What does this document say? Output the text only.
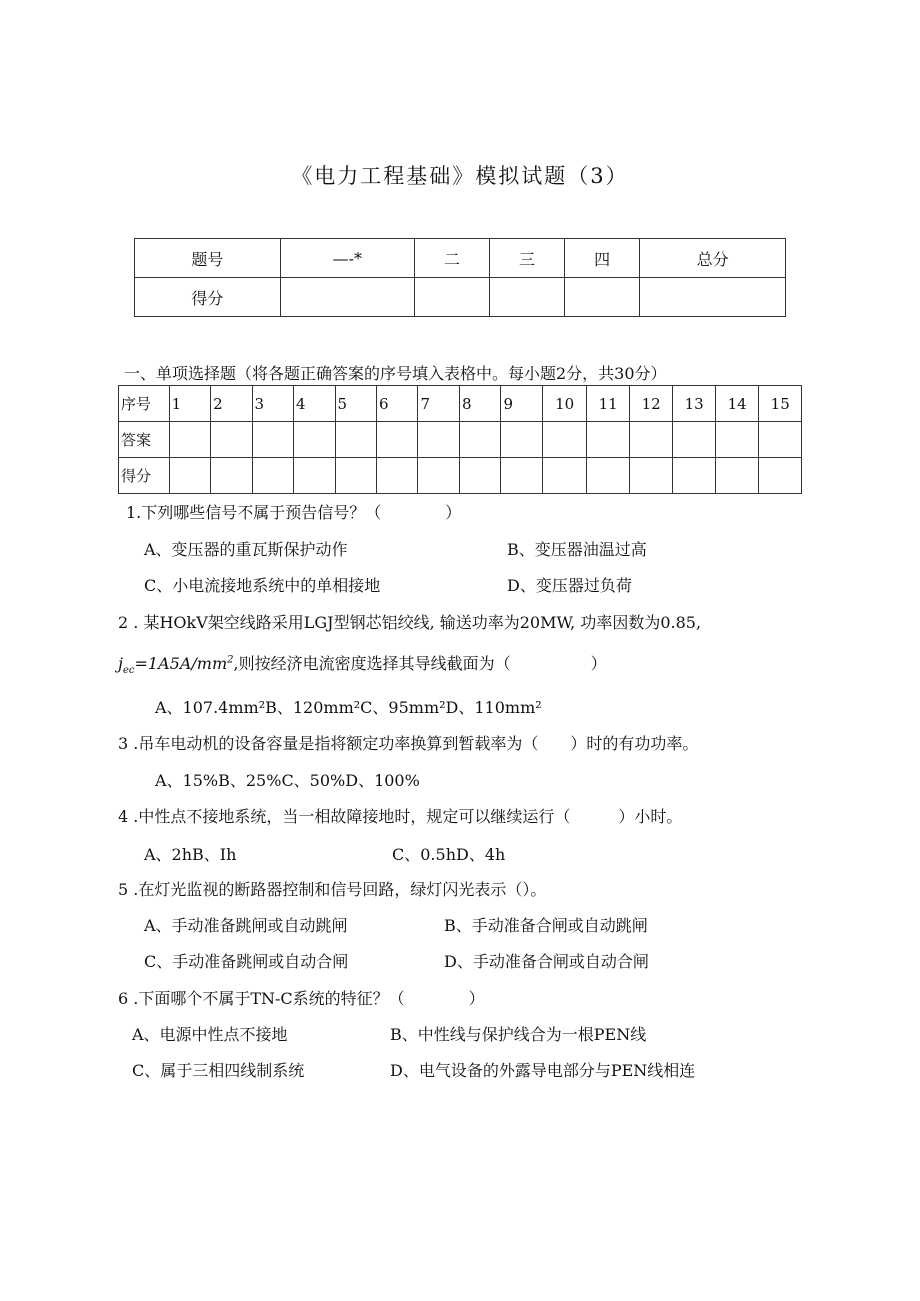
《电力工程基础》模拟试题（3）
题号	—-*	二	三	四	总分
得分					
一、单项选择题（将各题正确答案的序号填入表格中。每小题2分，共30分）
序号	1	2	3	4	5	6	7	8	9	10	11	12	13	14	15
答案															
得分															
1.下列哪些信号不属于预告信号？（　　　　）
A、变压器的重瓦斯保护动作	B、变压器油温过高
C、小电流接地系统中的单相接地	D、变压器过负荷
2 . 某HOkV架空线路采用LGJ型钢芯铝绞线, 输送功率为20MW, 功率因数为0.85,
$j_{ec}=1A5A/mm^2$,则按经济电流密度选择其导线截面为（　　　　　）
A、107.4mm²B、120mm²C、95mm²D、110mm²
3 .吊车电动机的设备容量是指将额定功率换算到暂载率为（　　）时的有功功率。
A、15%B、25%C、50%D、100%
4 .中性点不接地系统，当一相故障接地时，规定可以继续运行（　　　）小时。
A、2hB、Ih	C、0.5hD、4h
5 .在灯光监视的断路器控制和信号回路，绿灯闪光表示（）。
A、手动准备跳闸或自动跳闸	B、手动准备合闸或自动跳闸
C、手动准备跳闸或自动合闸	D、手动准备合闸或自动合闸
6 .下面哪个不属于TN-C系统的特征？（　　　　）
A、电源中性点不接地	B、中性线与保护线合为一根PEN线
C、属于三相四线制系统	D、电气设备的外露导电部分与PEN线相连
